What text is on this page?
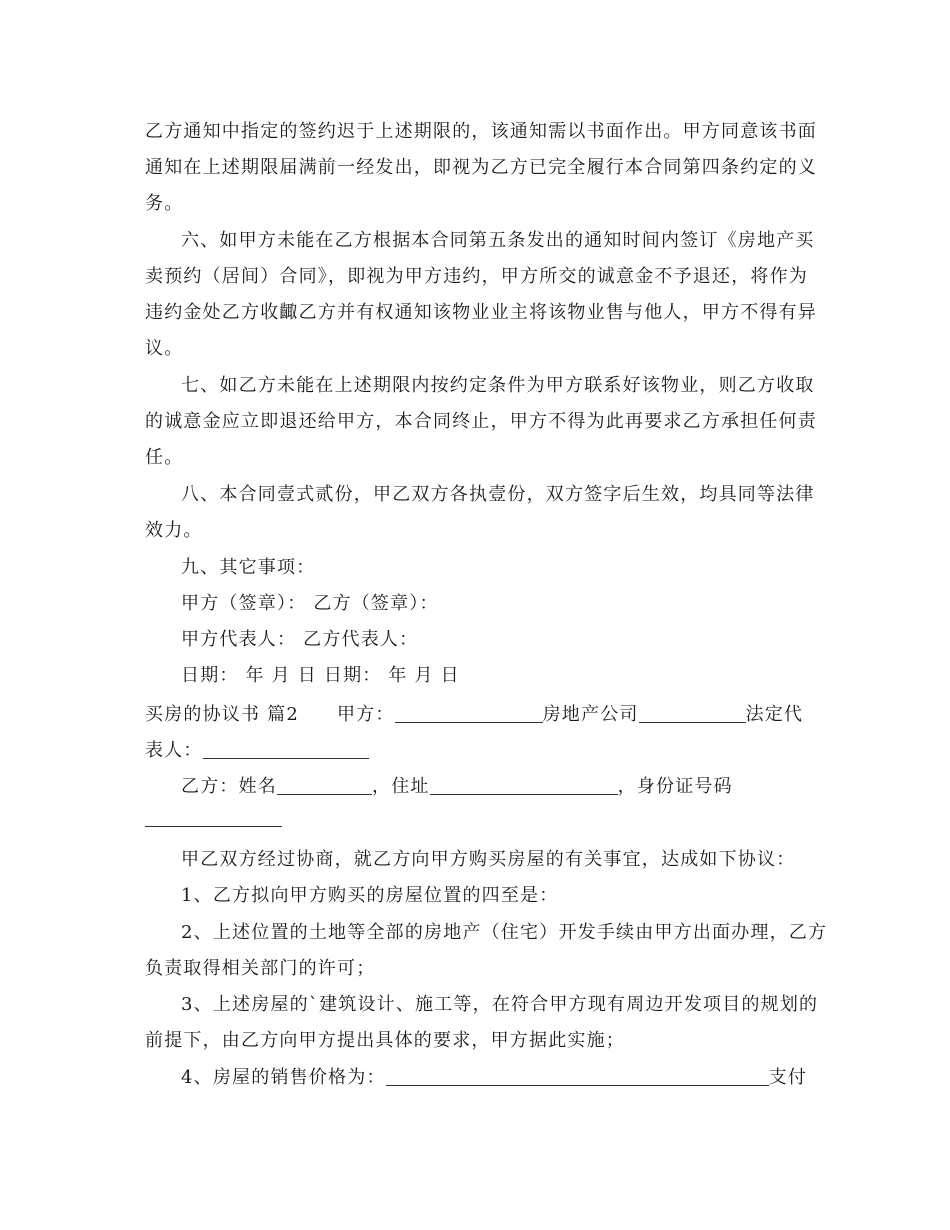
乙方通知中指定的签约迟于上述期限的，该通知需以书面作出。甲方同意该书面
通知在上述期限届满前一经发出，即视为乙方已完全履行本合同第四条约定的义
务。
六、如甲方未能在乙方根据本合同第五条发出的通知时间内签订《房地产买
卖预约（居间）合同》，即视为甲方违约，甲方所交的诚意金不予退还，将作为
违约金处乙方收齱乙方并有权通知该物业业主将该物业售与他人，甲方不得有异
议。
七、如乙方未能在上述期限内按约定条件为甲方联系好该物业，则乙方收取
的诚意金应立即退还给甲方，本合同终止，甲方不得为此再要求乙方承担任何责
任。
八、本合同壹式贰份，甲乙双方各执壹份，双方签字后生效，均具同等法律
效力。
九、其它事项：
甲方（签章）： 乙方（签章）：
甲方代表人： 乙方代表人：
日期： 年 月 日 日期： 年 月 日
买房的协议书 篇2 甲方：	房地产公司	法定代
表人：
乙方：姓名	，住址	，身份证号码
甲乙双方经过协商，就乙方向甲方购买房屋的有关事宜，达成如下协议：
1、乙方拟向甲方购买的房屋位置的四至是：
2、上述位置的土地等全部的房地产（住宅）开发手续由甲方出面办理，乙方
负责取得相关部门的许可；
3、上述房屋的`建筑设计、施工等，在符合甲方现有周边开发项目的规划的
前提下，由乙方向甲方提出具体的要求，甲方据此实施；
4、房屋的销售价格为：	支付
